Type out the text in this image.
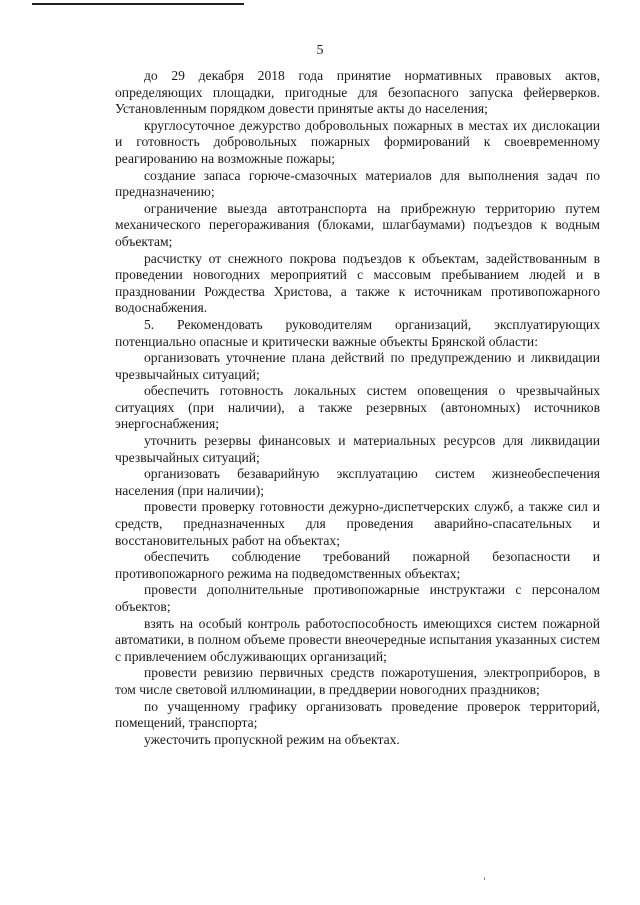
5

до 29 декабря 2018 года принятие нормативных правовых актов, определяющих площадки, пригодные для безопасного запуска фейерверков. Установленным порядком довести принятые акты до населения;

круглосуточное дежурство добровольных пожарных в местах их дислокации и готовность добровольных пожарных формирований к своевременному реагированию на возможные пожары;

создание запаса горюче-смазочных материалов для выполнения задач по предназначению;

ограничение выезда автотранспорта на прибрежную территорию путем механического перегораживания (блоками, шлагбаумами) подъездов к водным объектам;

расчистку от снежного покрова подъездов к объектам, задействованным в проведении новогодних мероприятий с массовым пребыванием людей и в праздновании Рождества Христова, а также к источникам противопожарного водоснабжения.

5. Рекомендовать руководителям организаций, эксплуатирующих потенциально опасные и критически важные объекты Брянской области:

организовать уточнение плана действий по предупреждению и ликвидации чрезвычайных ситуаций;

обеспечить готовность локальных систем оповещения о чрезвычайных ситуациях (при наличии), а также резервных (автономных) источников энергоснабжения;

уточнить резервы финансовых и материальных ресурсов для ликвидации чрезвычайных ситуаций;

организовать безаварийную эксплуатацию систем жизнеобеспечения населения (при наличии);

провести проверку готовности дежурно-диспетчерских служб, а также сил и средств, предназначенных для проведения аварийно-спасательных и восстановительных работ на объектах;

обеспечить соблюдение требований пожарной безопасности и противопожарного режима на подведомственных объектах;

провести дополнительные противопожарные инструктажи с персоналом объектов;

взять на особый контроль работоспособность имеющихся систем пожарной автоматики, в полном объеме провести внеочередные испытания указанных систем с привлечением обслуживающих организаций;

провести ревизию первичных средств пожаротушения, электроприборов, в том числе световой иллюминации, в преддверии новогодних праздников;

по учащенному графику организовать проведение проверок территорий, помещений, транспорта;

ужесточить пропускной режим на объектах.
